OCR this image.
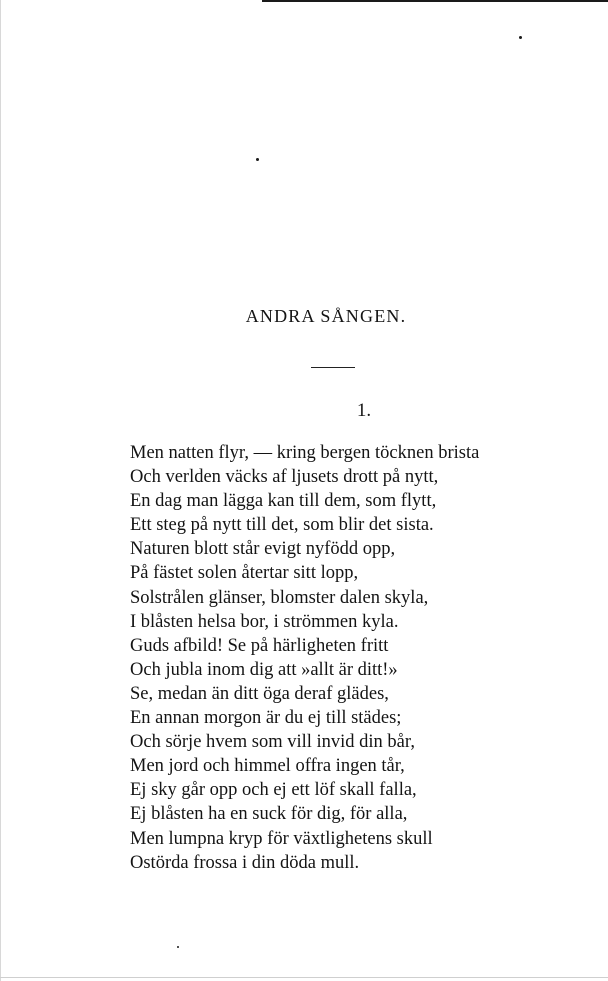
ANDRA SÅNGEN.
1.
Men natten flyr, — kring bergen töcknen brista
Och verlden väcks af ljusets drott på nytt,
En dag man lägga kan till dem, som flytt,
Ett steg på nytt till det, som blir det sista.
Naturen blott står evigt nyfödd opp,
På fästet solen återtar sitt lopp,
Solstrålen glänser, blomster dalen skyla,
I blåsten helsa bor, i strömmen kyla.
Guds afbild! Se på härligheten fritt
Och jubla inom dig att »allt är ditt!»
Se, medan än ditt öga deraf glädes,
En annan morgon är du ej till städes;
Och sörje hvem som vill invid din bår,
Men jord och himmel offra ingen tår,
Ej sky går opp och ej ett löf skall falla,
Ej blåsten ha en suck för dig, för alla,
Men lumpna kryp för växtlighetens skull
Ostörda frossa i din döda mull.
